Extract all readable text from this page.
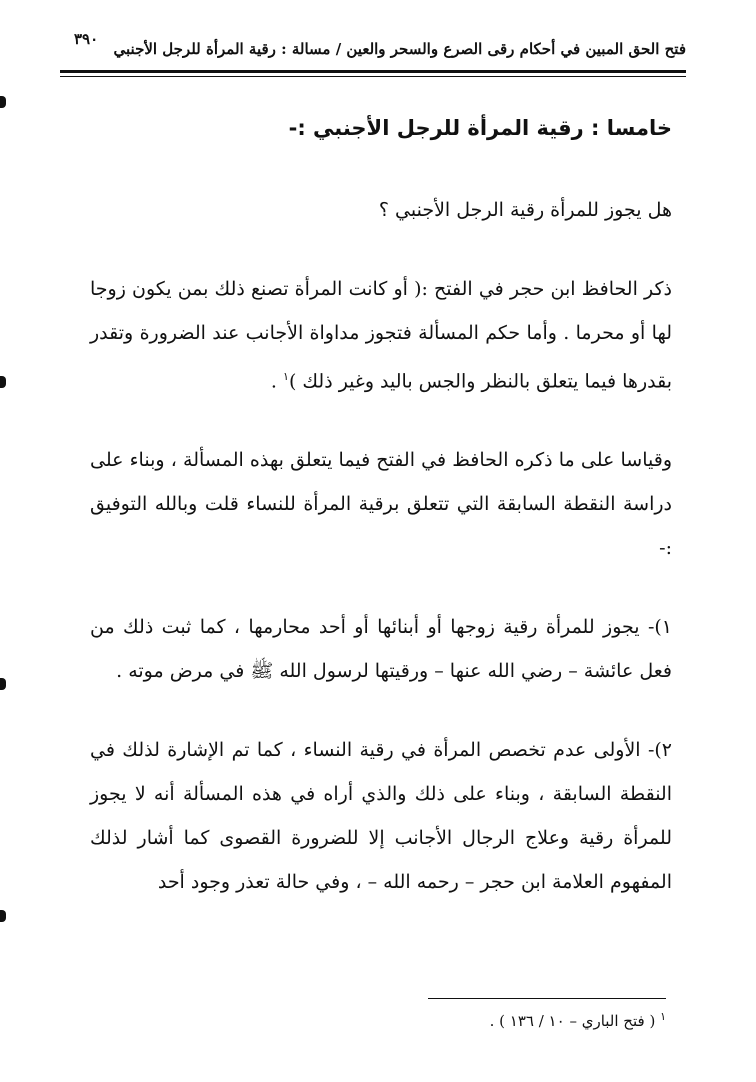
٣٩٠
فتح الحق المبين في أحكام رقى الصرع والسحر والعين / مسالة : رقية المرأة للرجل الأجنبي
خامسا : رقية المرأة للرجل الأجنبي :-

هل يجوز للمرأة رقية الرجل الأجنبي ؟

ذكر الحافظ ابن حجر في الفتح :( أو كانت المرأة تصنع ذلك بمن يكون زوجا لها أو محرما . وأما حكم المسألة فتجوز مداواة الأجانب عند الضرورة وتقدر بقدرها فيما يتعلق بالنظر والجس باليد وغير ذلك )$^١$ .

وقياسا على ما ذكره الحافظ في الفتح فيما يتعلق بهذه المسألة ، وبناء على دراسة النقطة السابقة التي تتعلق برقية المرأة للنساء قلت وبالله التوفيق :-

١)- يجوز للمرأة رقية زوجها أو أبنائها أو أحد محارمها ، كما ثبت ذلك من فعل عائشة – رضي الله عنها – ورقيتها لرسول الله ﷺ في مرض موته .

٢)- الأولى عدم تخصص المرأة في رقية النساء ، كما تم الإشارة لذلك في النقطة السابقة ، وبناء على ذلك والذي أراه في هذه المسألة أنه لا يجوز للمرأة رقية وعلاج الرجال الأجانب إلا للضرورة القصوى كما أشار لذلك المفهوم العلامة ابن حجر – رحمه الله – ، وفي حالة تعذر وجود أحد

$^١$ ( فتح الباري – ١٠ / ١٣٦ ) .
